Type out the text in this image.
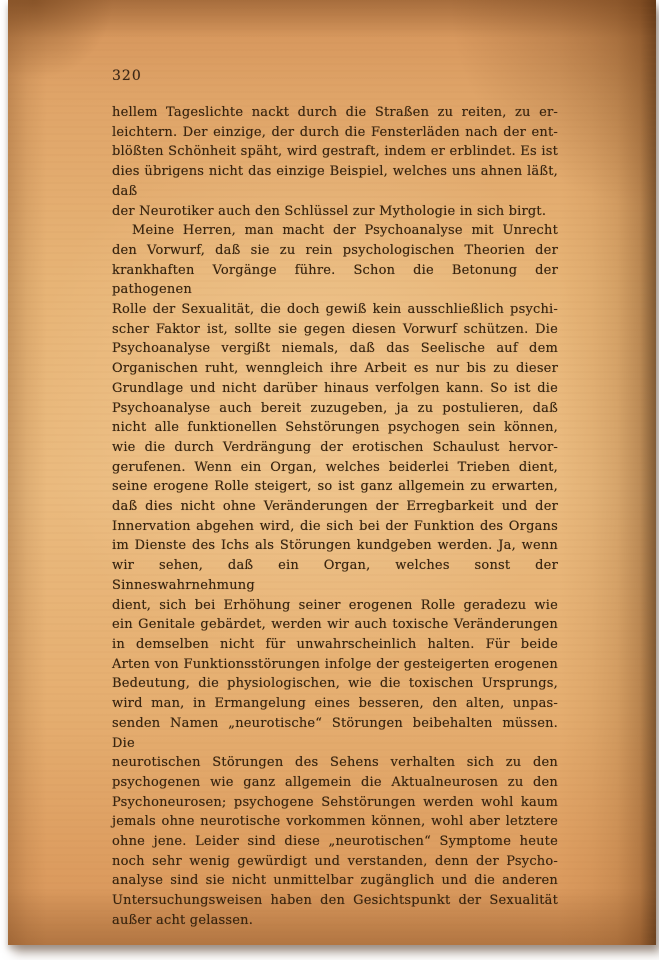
320
hellem Tageslichte nackt durch die Straßen zu reiten, zu er-
leichtern. Der einzige, der durch die Fensterläden nach der ent-
blößten Schönheit späht, wird gestraft, indem er erblindet. Es ist
dies übrigens nicht das einzige Beispiel, welches uns ahnen läßt, daß
der Neurotiker auch den Schlüssel zur Mythologie in sich birgt.
Meine Herren, man macht der Psychoanalyse mit Unrecht
den Vorwurf, daß sie zu rein psychologischen Theorien der
krankhaften Vorgänge führe. Schon die Betonung der pathogenen
Rolle der Sexualität, die doch gewiß kein ausschließlich psychi-
scher Faktor ist, sollte sie gegen diesen Vorwurf schützen. Die
Psychoanalyse vergißt niemals, daß das Seelische auf dem
Organischen ruht, wenngleich ihre Arbeit es nur bis zu dieser
Grundlage und nicht darüber hinaus verfolgen kann. So ist die
Psychoanalyse auch bereit zuzugeben, ja zu postulieren, daß
nicht alle funktionellen Sehstörungen psychogen sein können,
wie die durch Verdrängung der erotischen Schaulust hervor-
gerufenen. Wenn ein Organ, welches beiderlei Trieben dient,
seine erogene Rolle steigert, so ist ganz allgemein zu erwarten,
daß dies nicht ohne Veränderungen der Erregbarkeit und der
Innervation abgehen wird, die sich bei der Funktion des Organs
im Dienste des Ichs als Störungen kundgeben werden. Ja, wenn
wir sehen, daß ein Organ, welches sonst der Sinneswahrnehmung
dient, sich bei Erhöhung seiner erogenen Rolle geradezu wie
ein Genitale gebärdet, werden wir auch toxische Veränderungen
in demselben nicht für unwahrscheinlich halten. Für beide
Arten von Funktionsstörungen infolge der gesteigerten erogenen
Bedeutung, die physiologischen, wie die toxischen Ursprungs,
wird man, in Ermangelung eines besseren, den alten, unpas-
senden Namen „neurotische“ Störungen beibehalten müssen. Die
neurotischen Störungen des Sehens verhalten sich zu den
psychogenen wie ganz allgemein die Aktualneurosen zu den
Psychoneurosen; psychogene Sehstörungen werden wohl kaum
jemals ohne neurotische vorkommen können, wohl aber letztere
ohne jene. Leider sind diese „neurotischen“ Symptome heute
noch sehr wenig gewürdigt und verstanden, denn der Psycho-
analyse sind sie nicht unmittelbar zugänglich und die anderen
Untersuchungsweisen haben den Gesichtspunkt der Sexualität
außer acht gelassen.
